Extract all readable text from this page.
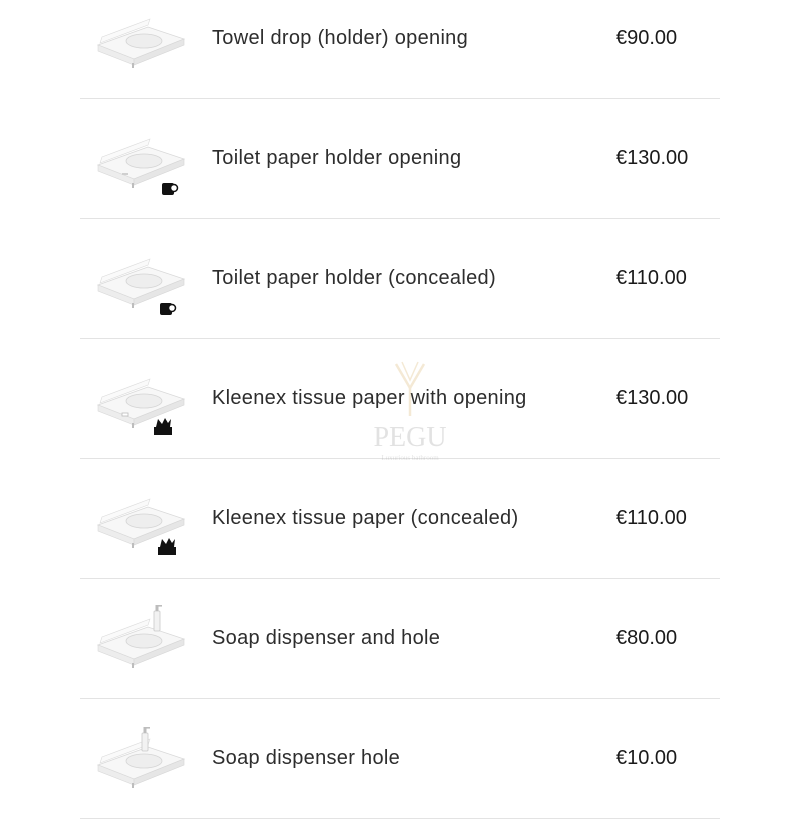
Towel drop (holder) opening	€90.00
Toilet paper holder opening	€130.00
Toilet paper holder (concealed)	€110.00
Kleenex tissue paper with opening	€130.00
Kleenex tissue paper (concealed)	€110.00
Soap dispenser and hole	€80.00
Soap dispenser hole	€10.00
PEGU
Luxurious bathroom
